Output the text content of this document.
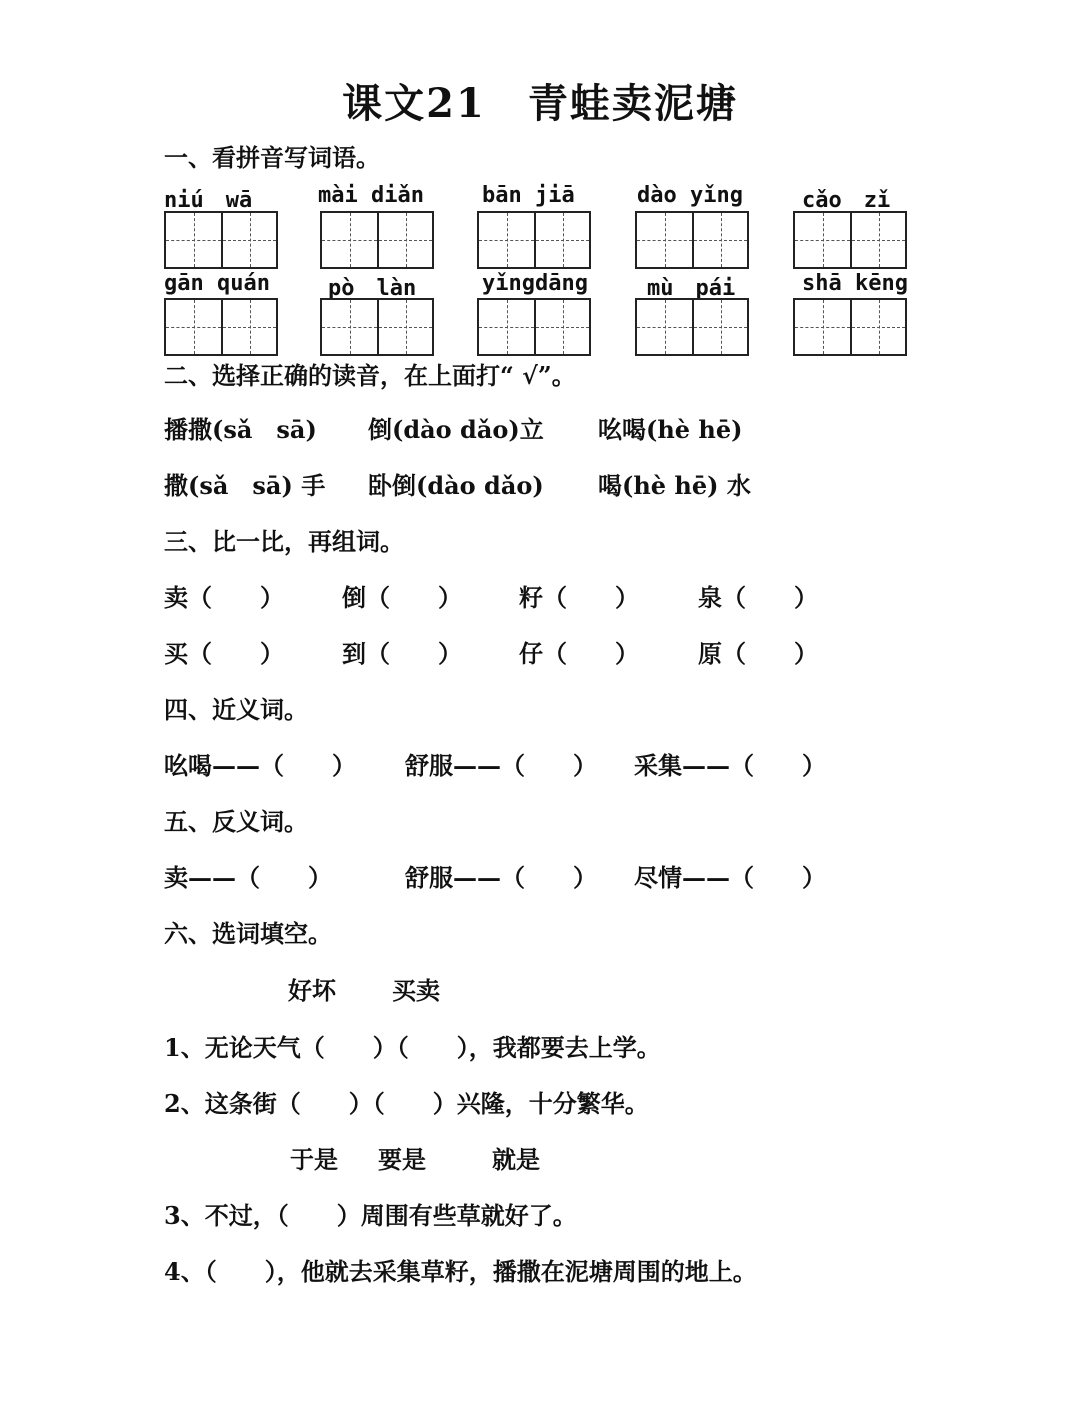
课文21　青蛙卖泥塘
一、看拼音写词语。
niú　wā	mài diǎn	bān jiā	dào yǐng	cǎo　zǐ
gān quán	pò　làn	yǐngdāng	mù　pái	shā kēng
二、选择正确的读音，在上面打“ √”。
播撒(sǎ　sā) 倒(dào dǎo)立 吆喝(hè hē)
撒(sǎ　sā) 手 卧倒(dào dǎo) 喝(hè hē) 水
三、比一比，再组词。
卖（　　） 倒（　　） 籽（　　） 泉（　　）
买（　　） 到（　　） 仔（　　） 原（　　）
四、近义词。
吆喝——（　　） 舒服——（　　） 采集——（　　）
五、反义词。
卖——（　　）	舒服——（　　） 尽情——（　　）
六、选词填空。
好坏 买卖
1、无论天气（　　）（　　），我都要去上学。
2、这条街（　　）（　　）兴隆，十分繁华。
于是 要是	就是
3、不过，（　　）周围有些草就好了。
4、（　　），他就去采集草籽，播撒在泥塘周围的地上。
